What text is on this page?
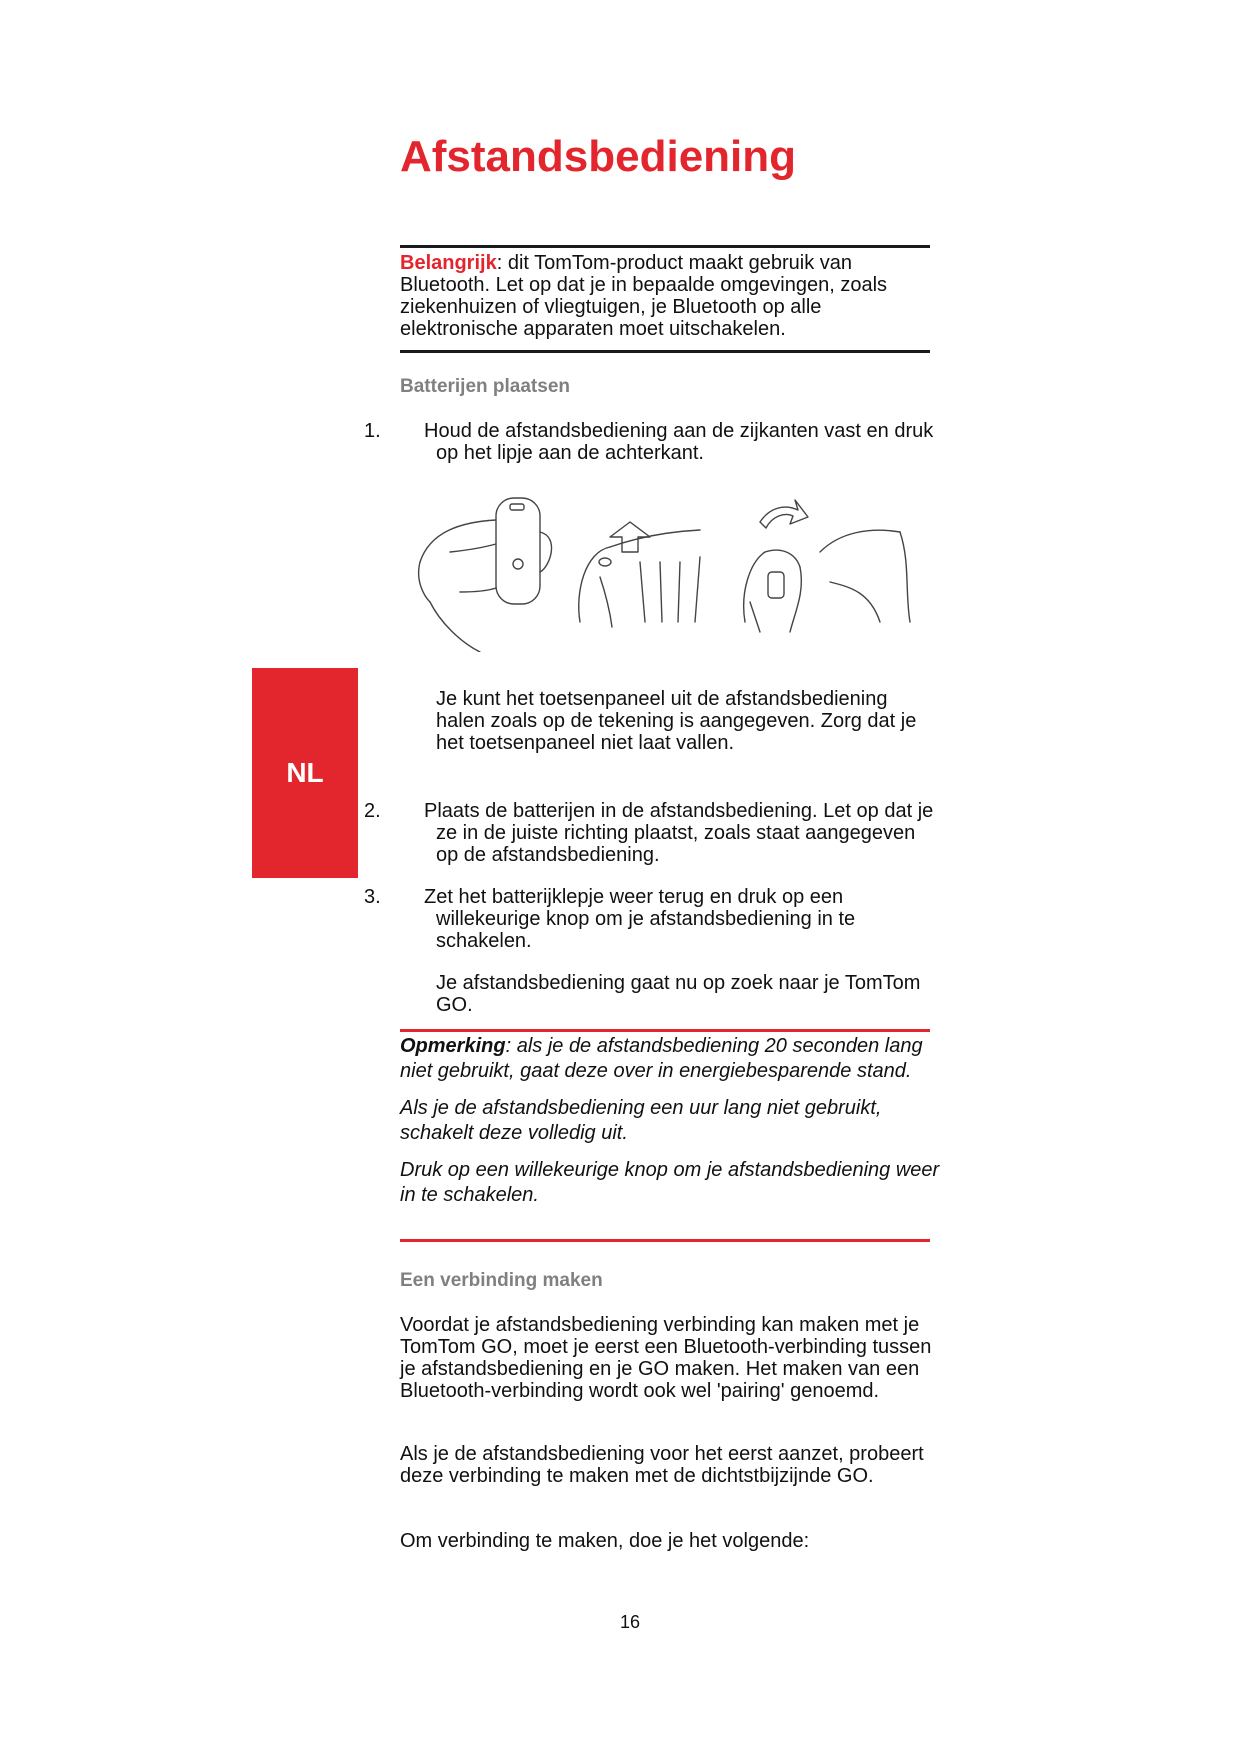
Afstandsbediening
Belangrijk: dit TomTom-product maakt gebruik van Bluetooth. Let op dat je in bepaalde omgevingen, zoals ziekenhuizen of vliegtuigen, je Bluetooth op alle elektronische apparaten moet uitschakelen.
Batterijen plaatsen
1. Houd de afstandsbediening aan de zijkanten vast en druk op het lipje aan de achterkant.
Je kunt het toetsenpaneel uit de afstandsbediening halen zoals op de tekening is aangegeven. Zorg dat je het toetsenpaneel niet laat vallen.
NL
2. Plaats de batterijen in de afstandsbediening. Let op dat je ze in de juiste richting plaatst, zoals staat aangegeven op de afstandsbediening.
3. Zet het batterijklepje weer terug en druk op een willekeurige knop om je afstandsbediening in te schakelen.
Je afstandsbediening gaat nu op zoek naar je TomTom GO.

Opmerking: als je de afstandsbediening 20 seconden lang niet gebruikt, gaat deze over in energiebesparende stand.

Als je de afstandsbediening een uur lang niet gebruikt, schakelt deze volledig uit.

Druk op een willekeurige knop om je afstandsbediening weer in te schakelen.

Een verbinding maken
Voordat je afstandsbediening verbinding kan maken met je TomTom GO, moet je eerst een Bluetooth-verbinding tussen je afstandsbediening en je GO maken. Het maken van een Bluetooth-verbinding wordt ook wel 'pairing' genoemd.
Als je de afstandsbediening voor het eerst aanzet, probeert deze verbinding te maken met de dichtstbijzijnde GO.
Om verbinding te maken, doe je het volgende:
16
